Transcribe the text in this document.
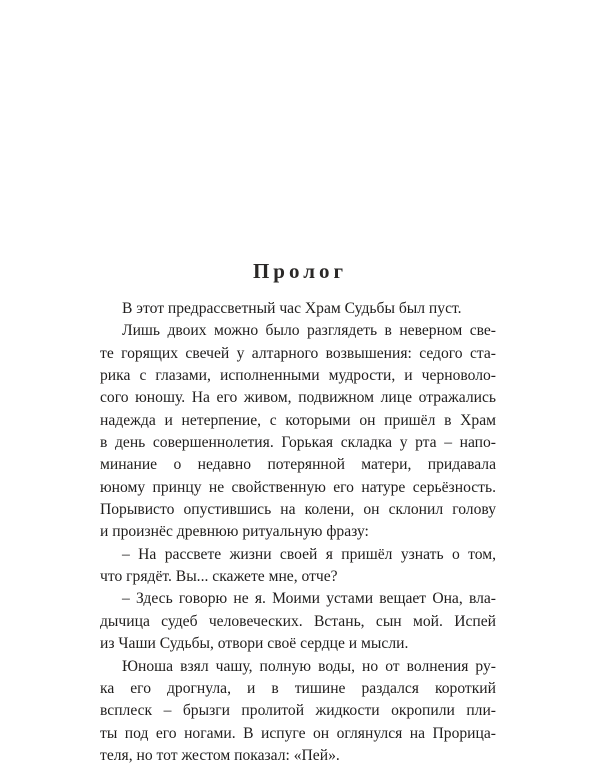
Пролог
В этот предрассветный час Храм Судьбы был пуст.
Лишь двоих можно было разглядеть в неверном све-
те горящих свечей у алтарного возвышения: седого ста-
рика с глазами, исполненными мудрости, и черноволо-
сого юношу. На его живом, подвижном лице отражались
надежда и нетерпение, с которыми он пришёл в Храм
в день совершеннолетия. Горькая складка у рта – напо-
минание о недавно потерянной матери, придавала
юному принцу не свойственную его натуре серьёзность.
Порывисто опустившись на колени, он склонил голову
и произнёс древнюю ритуальную фразу:
– На рассвете жизни своей я пришёл узнать о том,
что грядёт. Вы... скажете мне, отче?
– Здесь говорю не я. Моими устами вещает Она, вла-
дычица судеб человеческих. Встань, сын мой. Испей
из Чаши Судьбы, отвори своё сердце и мысли.
Юноша взял чашу, полную воды, но от волнения ру-
ка его дрогнула, и в тишине раздался короткий
всплеск – брызги пролитой жидкости окропили пли-
ты под его ногами. В испуге он оглянулся на Прорица-
теля, но тот жестом показал: «Пей».
